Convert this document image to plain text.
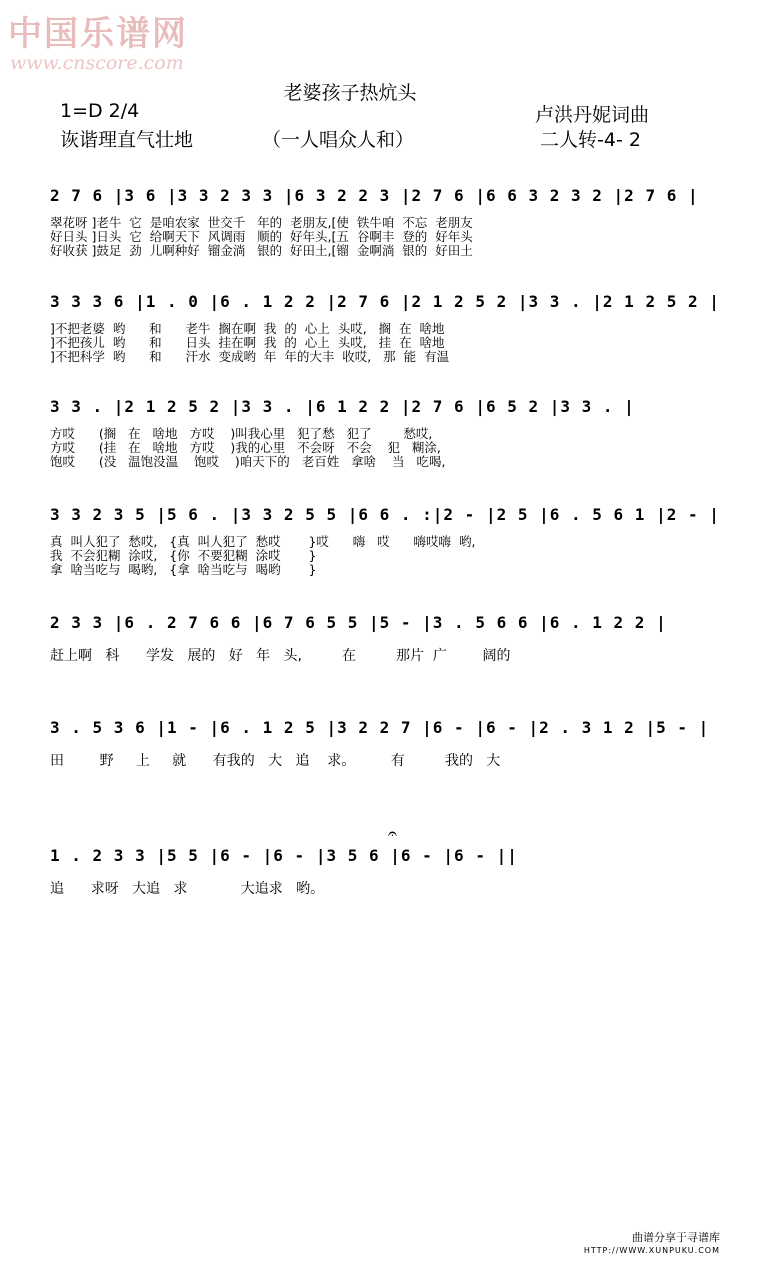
中国乐谱网
www.cnscore.com
老婆孩子热炕头
1=D 2/4	卢洪丹妮词曲
诙谐理直气壮地	（一人唱众人和）	二人转-4- 2
2 7 6 |3 6 |3 3 2 3 3 |6 3 2 2 3 |2 7 6 |6 6 3 2 3 2 |2 7 6 |
翠花呀 ]老牛  它  是咱农家  世交千   年的  老朋友,[使  铁牛咱  不忘  老朋友
好日头 ]日头  它  给啊天下  风调雨   顺的  好年头,[五  谷啊丰  登的  好年头
好收获 ]鼓足  劲  儿啊种好  镏金淌   银的  好田土,[镏  金啊淌  银的  好田土
3 3 3 6 |1 . 0 |6 . 1 2 2 |2 7 6 |2 1 2 5 2 |3 3 . |2 1 2 5 2 |
]不把老婆  哟      和      老牛  搁在啊  我  的  心上  头哎,   搁  在  啥地
]不把孩儿  哟      和      日头  挂在啊  我  的  心上  头哎,   挂  在  啥地
]不把科学  哟      和      汗水  变成哟  年  年的大丰  收哎,   那  能  有温
3 3 . |2 1 2 5 2 |3 3 . |6 1 2 2 |2 7 6 |6 5 2 |3 3 . |
方哎      (搁   在   啥地   方哎    )叫我心里   犯了愁   犯了        愁哎,
方哎      (挂   在   啥地   方哎    )我的心里   不会呀   不会    犯   糊涂,
饱哎      (没   温饱没温    饱哎    )咱天下的   老百姓   拿啥    当   吃喝,
3 3 2 3 5 |5 6 . |3 3 2 5 5 |6 6 . :|2 - |2 5 |6 . 5 6 1 |2 - |
真  叫人犯了  愁哎,   {真  叫人犯了  愁哎       }哎      嗨   哎      嗨哎嗨  哟,
我  不会犯糊  涂哎,   {你  不要犯糊  涂哎       }
拿  啥当吃与  喝哟,   {拿  啥当吃与  喝哟       }
2 3 3 |6 . 2 7 6 6 |6 7 6 5 5 |5 - |3 . 5 6 6 |6 . 1 2 2 |
赶上啊   科      学发   展的   好   年   头,         在         那片  广        阔的
3 . 5 3 6 |1 - |6 . 1 2 5 |3 2 2 7 |6 - |6 - |2 . 3 1 2 |5 - |
田        野     上     就      有我的   大   追    求。        有         我的   大
𝄐
1 . 2 3 3 |5 5 |6 - |6 - |3 5 6 |6 - |6 - ||
追      求呀   大追   求            大追求   哟。
曲谱分享于寻谱库
HTTP://WWW.XUNPUKU.COM
